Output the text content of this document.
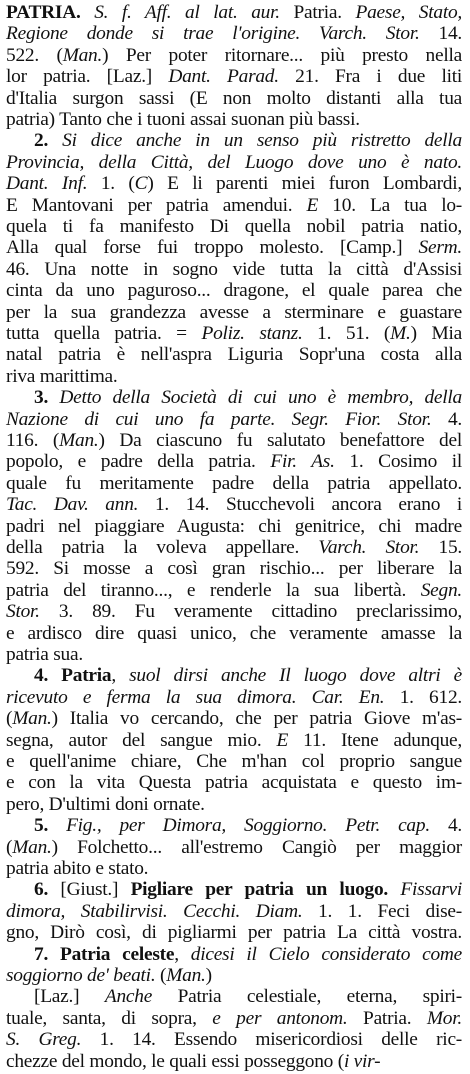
PATRIA. S. f. Aff. al lat. aur. Patria. Paese, Stato,
Regione donde si trae l'origine. Varch. Stor. 14.
522. (Man.) Per poter ritornare... più presto nella
lor patria. [Laz.] Dant. Parad. 21. Fra i due liti
d'Italia surgon sassi (E non molto distanti alla tua
patria) Tanto che i tuoni assai suonan più bassi.
2. Si dice anche in un senso più ristretto della
Provincia, della Città, del Luogo dove uno è nato.
Dant. Inf. 1. (C) E li parenti miei furon Lombardi,
E Mantovani per patria amendui. E 10. La tua lo-
quela ti fa manifesto Di quella nobil patria natio,
Alla qual forse fui troppo molesto. [Camp.] Serm.
46. Una notte in sogno vide tutta la città d'Assisi
cinta da uno paguroso... dragone, el quale parea che
per la sua grandezza avesse a sterminare e guastare
tutta quella patria. = Poliz. stanz. 1. 51. (M.) Mia
natal patria è nell'aspra Liguria Sopr'una costa alla
riva marittima.
3. Detto della Società di cui uno è membro, della
Nazione di cui uno fa parte. Segr. Fior. Stor. 4.
116. (Man.) Da ciascuno fu salutato benefattore del
popolo, e padre della patria. Fir. As. 1. Cosimo il
quale fu meritamente padre della patria appellato.
Tac. Dav. ann. 1. 14. Stucchevoli ancora erano i
padri nel piaggiare Augusta: chi genitrice, chi madre
della patria la voleva appellare. Varch. Stor. 15.
592. Si mosse a così gran rischio... per liberare la
patria del tiranno..., e renderle la sua libertà. Segn.
Stor. 3. 89. Fu veramente cittadino preclarissimo,
e ardisco dire quasi unico, che veramente amasse la
patria sua.
4. Patria, suol dirsi anche Il luogo dove altri è
ricevuto e ferma la sua dimora. Car. En. 1. 612.
(Man.) Italia vo cercando, che per patria Giove m'as-
segna, autor del sangue mio. E 11. Itene adunque,
e quell'anime chiare, Che m'han col proprio sangue
e con la vita Questa patria acquistata e questo im-
pero, D'ultimi doni ornate.
5. Fig., per Dimora, Soggiorno. Petr. cap. 4.
(Man.) Folchetto... all'estremo Cangiò per maggior
patria abito e stato.
6. [Giust.] Pigliare per patria un luogo. Fissarvi
dimora, Stabilirvisi. Cecchi. Diam. 1. 1. Feci dise-
gno, Dirò così, di pigliarmi per patria La città vostra.
7. Patria celeste, dicesi il Cielo considerato come
soggiorno de' beati. (Man.)
[Laz.] Anche Patria celestiale, eterna, spiri-
tuale, santa, di sopra, e per antonom. Patria. Mor.
S. Greg. 1. 14. Essendo misericordiosi delle ric-
chezze del mondo, le quali essi posseggono (i vir-
